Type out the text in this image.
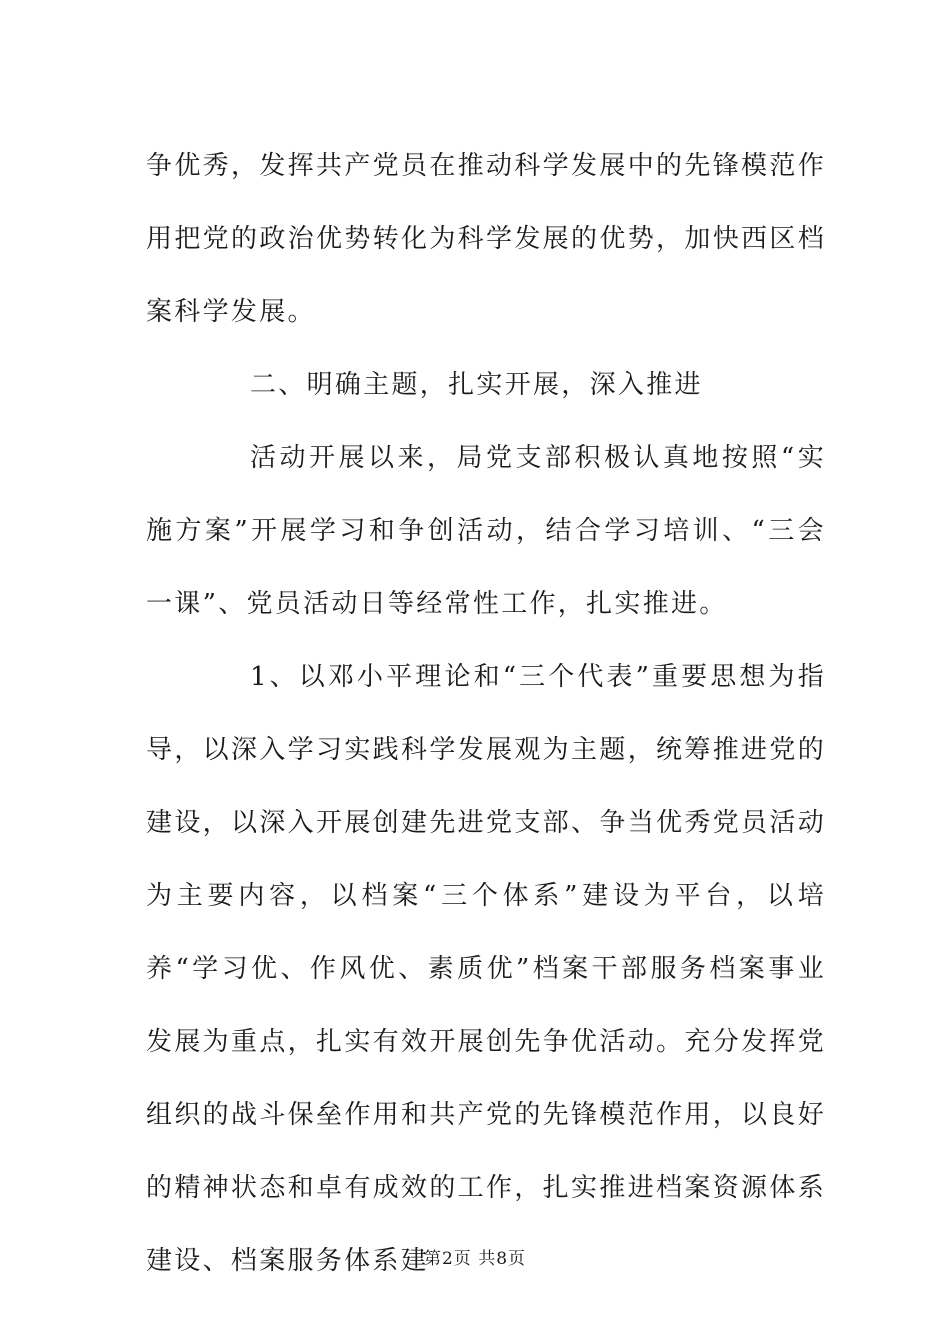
争优秀，发挥共产党员在推动科学发展中的先锋模范作用把党的政治优势转化为科学发展的优势，加快西区档案科学发展。

二、明确主题，扎实开展，深入推进

活动开展以来，局党支部积极认真地按照“实施方案”开展学习和争创活动，结合学习培训、“三会一课”、党员活动日等经常性工作，扎实推进。

1、以邓小平理论和“三个代表”重要思想为指导，以深入学习实践科学发展观为主题，统筹推进党的建设，以深入开展创建先进党支部、争当优秀党员活动为主要内容，以档案“三个体系”建设为平台，以培养“学习优、作风优、素质优”档案干部服务档案事业发展为重点，扎实有效开展创先争优活动。充分发挥党组织的战斗保垒作用和共产党的先锋模范作用，以良好的精神状态和卓有成效的工作，扎实推进档案资源体系建设、档案服务体系建

第2页 共8页
